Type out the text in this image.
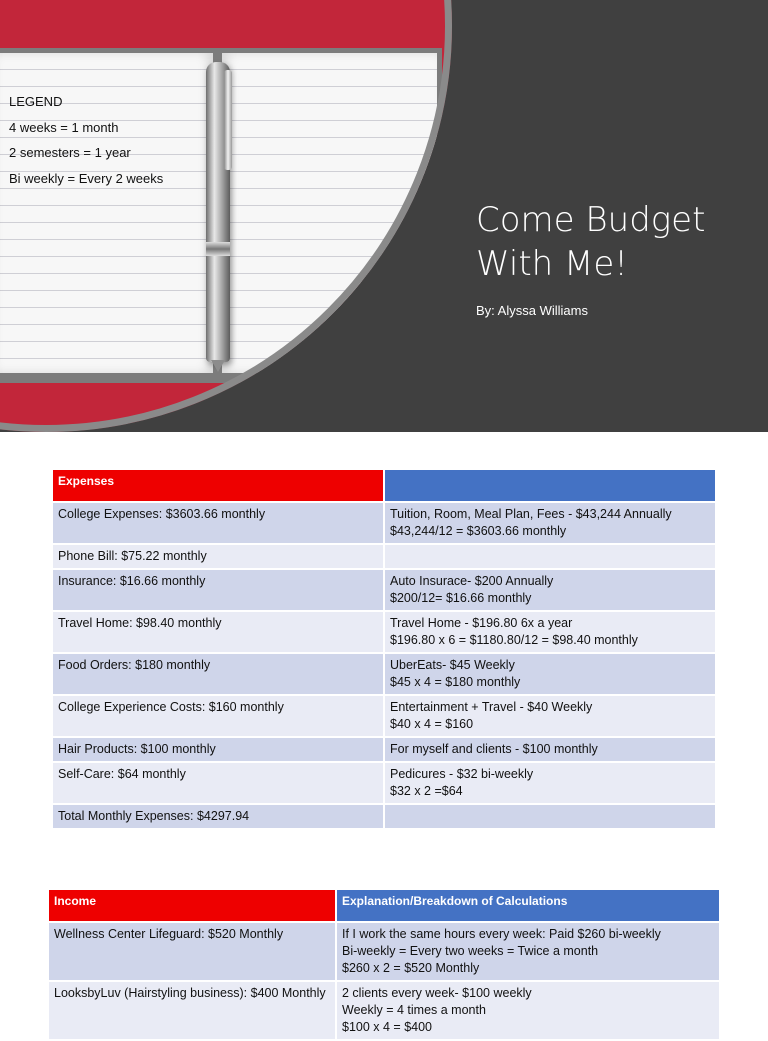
LEGEND
4 weeks = 1 month
2 semesters = 1 year
Bi weekly = Every 2 weeks
Come Budget
With Me!
By: Alyssa Williams
Expenses	
College Expenses: $3603.66 monthly	Tuition, Room, Meal Plan, Fees - $43,244 Annually
$43,244/12 = $3603.66 monthly

Phone Bill: $75.22 monthly	

Insurance: $16.66 monthly	Auto Insurace- $200 Annually
$200/12= $16.66 monthly

Travel Home: $98.40 monthly	Travel Home - $196.80 6x a year
$196.80 x 6 = $1180.80/12 = $98.40 monthly

Food Orders: $180 monthly	UberEats- $45 Weekly
$45 x 4 = $180 monthly

College Experience Costs: $160 monthly	Entertainment + Travel - $40 Weekly
$40 x 4 = $160

Hair Products: $100 monthly	For myself and clients - $100 monthly

Self-Care: $64 monthly	Pedicures - $32 bi-weekly
$32 x 2 =$64

Total Monthly Expenses: $4297.94	
Income	Explanation/Breakdown of Calculations
Wellness Center Lifeguard: $520 Monthly	If I work the same hours every week: Paid $260 bi-weekly
Bi-weekly = Every two weeks = Twice a month
$260 x 2 = $520 Monthly

LooksbyLuv (Hairstyling business): $400 Monthly	2 clients every week- $100 weekly
Weekly = 4 times a month
$100 x 4 = $400
